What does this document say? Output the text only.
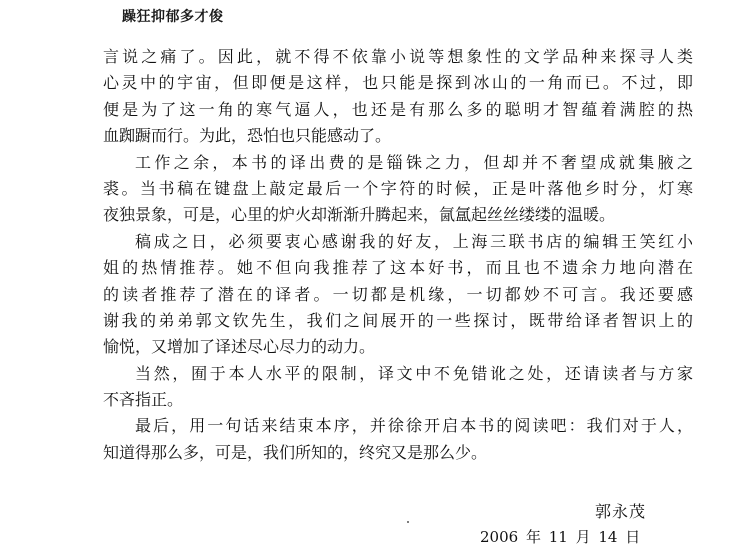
躁狂抑郁多才俊
言说之痛了。因此，就不得不依靠小说等想象性的文学品种来探寻人类
心灵中的宇宙，但即便是这样，也只能是探到冰山的一角而已。不过，即
便是为了这一角的寒气逼人，也还是有那么多的聪明才智蕴着满腔的热
血踟蹰而行。为此，恐怕也只能感动了。
工作之余，本书的译出费的是锱铢之力，但却并不奢望成就集腋之
裘。当书稿在键盘上敲定最后一个字符的时候，正是叶落他乡时分，灯寒
夜独景象，可是，心里的炉火却渐渐升腾起来，氤氲起丝丝缕缕的温暖。
稿成之日，必须要衷心感谢我的好友，上海三联书店的编辑王笑红小
姐的热情推荐。她不但向我推荐了这本好书，而且也不遗余力地向潜在
的读者推荐了潜在的译者。一切都是机缘，一切都妙不可言。我还要感
谢我的弟弟郭文钦先生，我们之间展开的一些探讨，既带给译者智识上的
愉悦，又增加了译述尽心尽力的动力。
当然，囿于本人水平的限制，译文中不免错讹之处，还请读者与方家
不吝指正。
最后，用一句话来结束本序，并徐徐开启本书的阅读吧：我们对于人，
知道得那么多，可是，我们所知的，终究又是那么少。
郭永茂
2006 年 11 月 14 日
